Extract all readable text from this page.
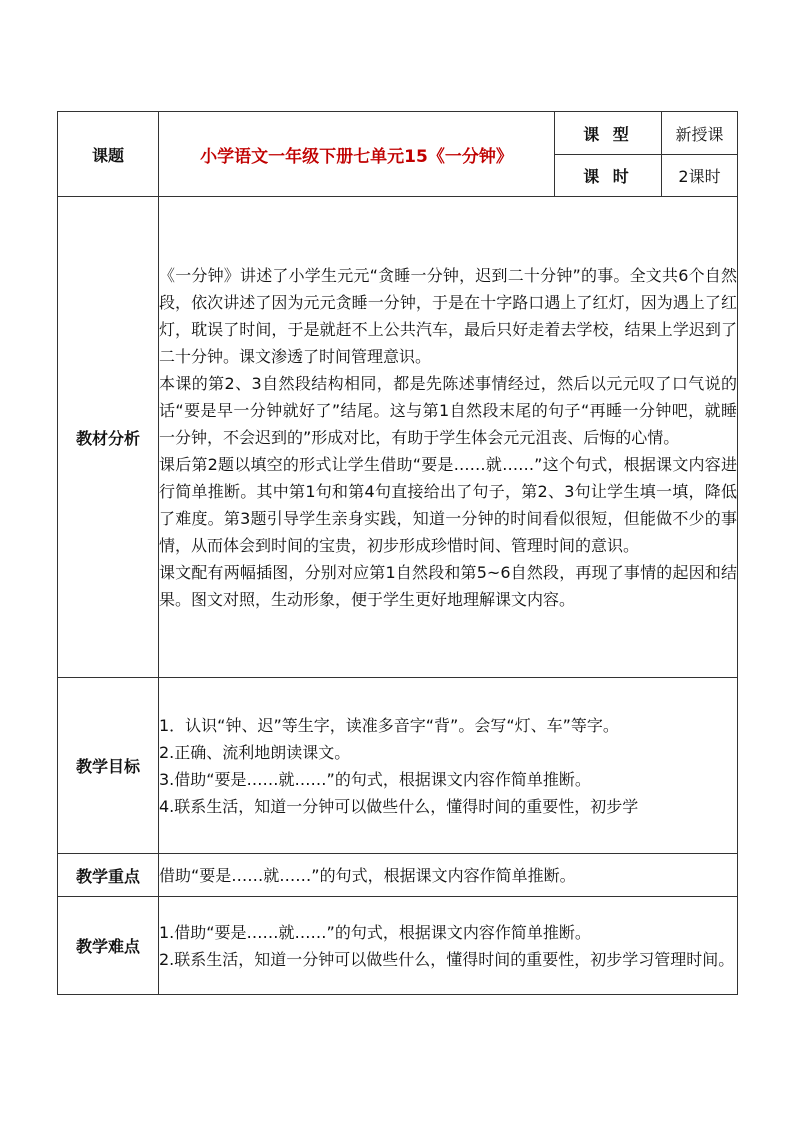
课题	小学语文一年级下册七单元15《一分钟》	课 型	新授课
		课 时	2课时
教材分析	《一分钟》讲述了小学生元元“贪睡一分钟，迟到二十分钟”的事。全文共6个自然段，依次讲述了因为元元贪睡一分钟，于是在十字路口遇上了红灯，因为遇上了红灯，耽误了时间，于是就赶不上公共汽车，最后只好走着去学校，结果上学迟到了二十分钟。课文渗透了时间管理意识。

本课的第2、3自然段结构相同，都是先陈述事情经过，然后以元元叹了口气说的话“要是早一分钟就好了”结尾。这与第1自然段末尾的句子“再睡一分钟吧，就睡一分钟，不会迟到的”形成对比，有助于学生体会元元沮丧、后悔的心情。

课后第2题以填空的形式让学生借助“要是……就……”这个句式，根据课文内容进行简单推断。其中第1句和第4句直接给出了句子，第2、3句让学生填一填，降低了难度。第3题引导学生亲身实践，知道一分钟的时间看似很短，但能做不少的事情，从而体会到时间的宝贵，初步形成珍惜时间、管理时间的意识。

课文配有两幅插图，分别对应第1自然段和第5~6自然段，再现了事情的起因和结果。图文对照，生动形象，便于学生更好地理解课文内容。		

教学目标	1．认识“钟、迟”等生字，读准多音字“背”。会写“灯、车”等字。

2.正确、流利地朗读课文。

3.借助“要是……就……”的句式，根据课文内容作简单推断。

4.联系生活，知道一分钟可以做些什么，懂得时间的重要性，初步学		

教学重点	借助“要是……就……”的句式，根据课文内容作简单推断。		

教学难点	1.借助“要是……就……”的句式，根据课文内容作简单推断。

2.联系生活，知道一分钟可以做些什么，懂得时间的重要性，初步学习管理时间。		
